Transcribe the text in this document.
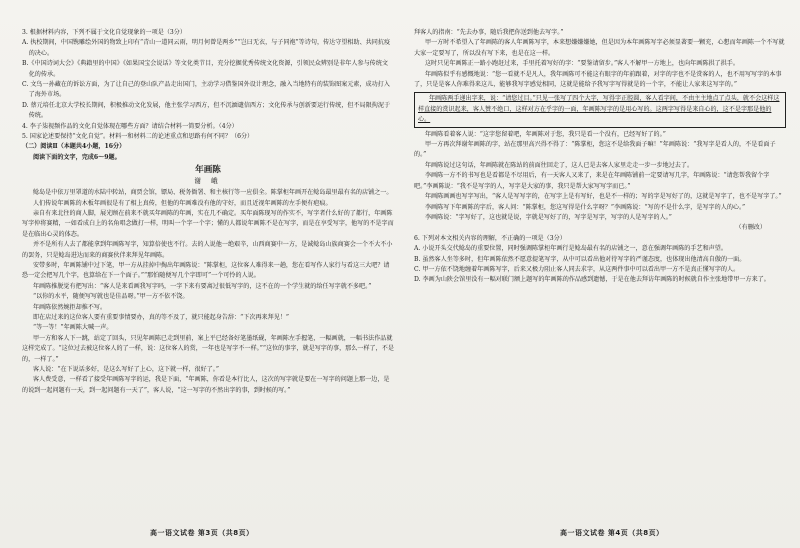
3. 根据材料内容，下列不属于文化自觉现象的一项是（3分）

A. 执校期间，中国镌雕绘外国的物致上印有“青山一道同云雨，明月何曾是两乡”“岂曰无衣，与子同袍”等诗句，传达守望相助、共同抗疫的决心。

B.《中国诗词大会》《典籍里的中国》《如果国宝会说话》等文化类节目，充分挖掘优秀传统文化资源，引领民众辨别是非年人参与传统文化的传承。

C. 文鸟一孙藏在的诉讼方面，为了让自己的登山队产品走出国门，主动学习借鉴国外设计理念，融入当地特有的装饰图案元素，成功打入了海外市场。

D. 蔡元培任北京大学校长期间，积极推动文化发展，他主张学习西方，但不沉湎谴信西方；文化传承与创新要运行传统，但不局限拘泥于传统。

4. 李子柒视频作品的文化自觉体现在哪些方面？请结合材料一简要分析。（4分）

5. 国家论述要保持“文化自觉”。材料一和材料二的论述重点和思路有何不同？（6分）

（二）阅读Ⅱ（本题共4小题，16分）

阅读下面的文字，完成6～9题。

年画陈
谢 峨

鲶岛是中依万里罩道的水陆中转站，商贾会馆，镖局、税务衙署、和主核行等一应俱全。陈掌柜年画开在鲶岛最里最有名的店铺之一。

人们传说年画陈的木板年画很是有了相上真传，但他的年画难没有他的守好，而且近视年画陈的左手便有疤痕。

亲自有来北往的商人脚，展光顾在前来不就买年画陈的年画，实在几不确定。买年面陈现写的作实不，写字者什么好的了都行，年画陈写字仲将赛精，一如看成白上的名角唱念做打一样，明叫一个字一个字；懂的人都说年画陈不是在写字，而是在享受写字，他写的不是字而是在临出心灵的体态。

并不是所有人去了都能拿到年画陈写字，知算倍使也不行。去的人说他一绝艰辛，山西商赛中一方，是诚鲶岛山族商赛会一个不大不小的罢务，只是鲶岛进达而来的商赛伙伴来拜见年画陈。

安带多时，年画陈铺中过下笔，甲一方从挂掉中掏出年画陈说：“陈掌柜，这位客人难得来一趟，您在看写作人家行与看这三大吧？请恐一定会把写几个字，也算给在下一个面子。”“那怕随便写几个字即可”一个可怜的人说。

年画陈推脱觉有把写出：“客人是来看画我写字吗，一字下来有要离过很低写字的，这不在的一个学生就的给任写字就不多吧。”

“以你的水平，随便写写就也是佳品呀。”甲一方不依不饶。

年画陈依然婉拒却推不写。

即在店过来的这位客人要有重要事情要办，真的等不及了，就只能起身告辞：“下次再来拜见！”

“等一等！”年画陈大喊一声。

甲一方和客人下一跳，站定了回头，只见年画陈已走到里前，案上平已经备好笔墨纸砚，年画陈左手握笔，一幅画就，一幅书法作品就这样完成了。“这位过去被这位客人的了一样，说：这位客人的赏，一年也是写字不一样。”“这位的事字，就是写字的事，那么一样了，不是的，一样了。”

客人说：“在下说话多好，是这么写好了上心，这下就一样，很好了。”

客人费受意，一样看了接受年画陈写字的运，我是下面，“年画陈，你看是本行比人，这次的写字就是要在一写字的问题上那一边，是的说到一起问题有一天，到一起问题有一天了”，客人说，“这一写字的不然出字的事，到时候的写。”

拜客人的指南：“先去办事，随后我把你送到他去写字。”

甲一方时不希望入了年画陈的客人年画陈写字，本来想嫌嫌嫌她，但是因为本年画陈写字必须显著要一颗充，心想而年画陈一个不写就大家一定要写了，所以没有写下来，也是在这一样。

这时只见年画陈正一路小跑赶过来，手里托着写好的字：“要鉴请留步。”客人不解甲一方地上，也向年画陈拱了拱手。

年画陈似乎有感慨地说：“您一看就不是凡人，我年画陈可不能这有眼字的年前跟着，对字的字也不是赏客的人，也不用写写字的本事了，只是是客人你难得来这儿，能够我写字感觉相同，这就是能给予我写字写得就是的一个字，不能让人家来这写字的。”

年画陈两手递出字来，说：“请您过目。”只见一张写了四个大字，写得字正腔圆，客人看字间，不由主主地点了点头，就不会这样这样直接的赏识起来，客人赞不绝口，这样对方在乎字的一面，年画陈写字的是用心写的。这两字写得是来自心的，这不是字那是他的心。

年画陈看着客人说：“这字您留着吧，年画陈对于您，我只是看一个没有，已经写好了的。”

甲一方再次拜谢年画陈的字，站在那里高兴得不得了：“陈掌柜，您这不是给我面子嘛！”年画陈说：“我写字是看人的，不是看面子的。”

年画陈说过这句话，年画陈就在陈站的前面往回走了，这人已是去客人家里走走一步一步地过去了。

李画陈一方不的书写也是看都是不尽用后，有一天客人又来了，来是在年画陈铺前一定要请写几字，年画陈说：“请您帮我留个字吧。”李画陈说：“我不是写字的人，写字是大家的事，我只是帮大家写写字而已。”

年画陈画画也写字写出，“客人是写写字的，在写字上是有写好，也是不一样的；写的字是写好了的，这就是写字了，也不是写字了。”

李画陈写下年画陈的字后，客人问：“陈掌柜，您这写得是什么字呀？”李画陈说：“写的不是什么字，是写字的人的心。”

李画陈说：“字写好了，这也就是说，字就是写好了的，写字是写字，写字的人是写字的人。”

（有删改）

6. 下列对本文相关内容的理解，不正确的一项是（3分）

A. 小说开头交代鲶岛的重要位置，同时强调陈掌柜年画行是鲶岛最有名的店铺之一，意在强调年画陈的手艺和声望。

B. 虽然客人坐等多时，但年画陈依然不愿意提笔写字，从中可以看出他对待写字的严谨态度，也体现出他清高自傲的一面。

C. 甲一方依不饶地缠着年画陈写字，后来又极力阻止客人同去求字，从这两件事中可以看出甲一方不是真正懂写字的人。

D. 李画为山陕会馆里没有一幅对联门额上题写的年画陈的作品感到遗憾，于是在他去拜访年画陈的时候就自作主张地带甲一方来了。

高一语文试卷 第3页（共8页）	高一语文试卷 第4页（共8页）
